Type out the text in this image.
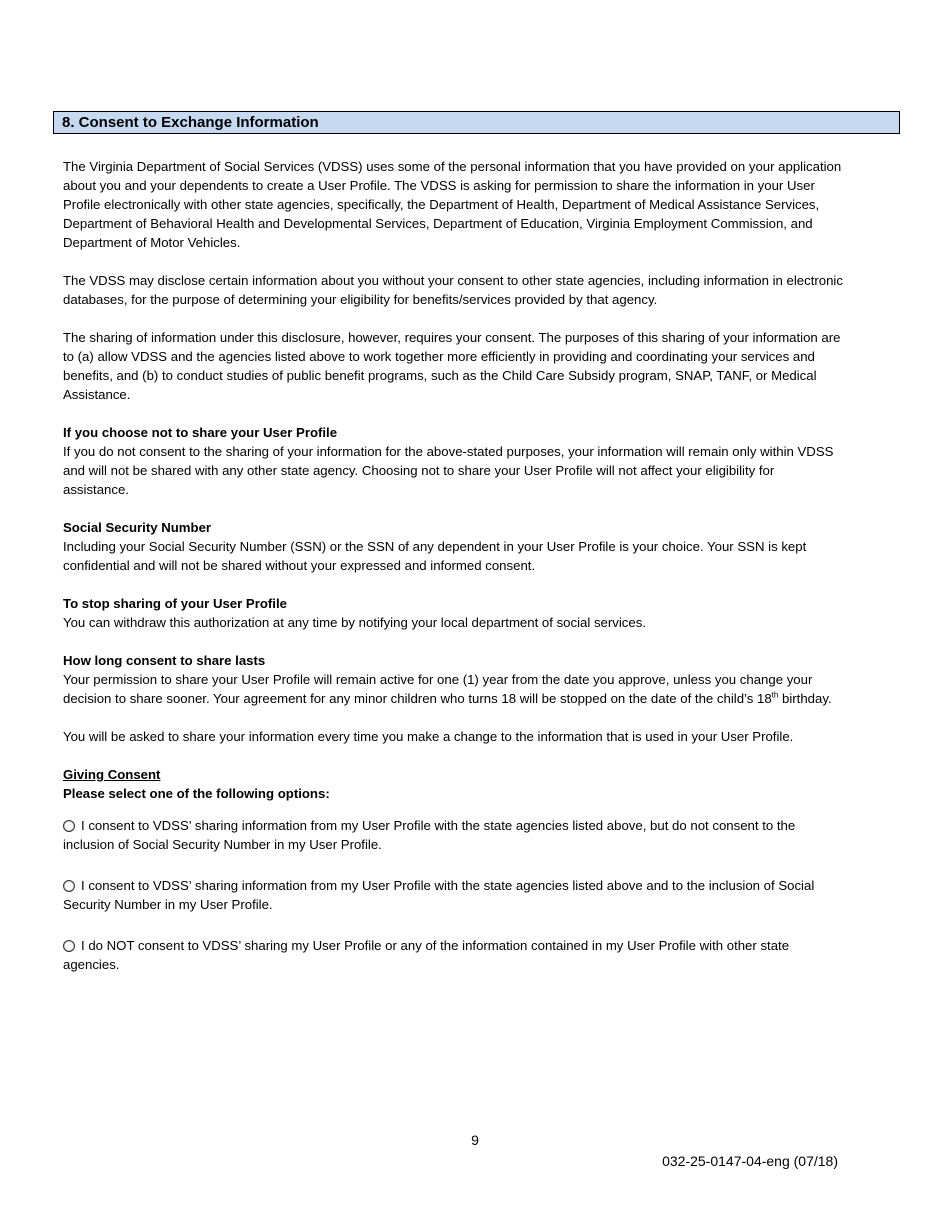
8. Consent to Exchange Information

The Virginia Department of Social Services (VDSS) uses some of the personal information that you have provided on your application about you and your dependents to create a User Profile. The VDSS is asking for permission to share the information in your User Profile electronically with other state agencies, specifically, the Department of Health, Department of Medical Assistance Services, Department of Behavioral Health and Developmental Services, Department of Education, Virginia Employment Commission, and Department of Motor Vehicles.

The VDSS may disclose certain information about you without your consent to other state agencies, including information in electronic databases, for the purpose of determining your eligibility for benefits/services provided by that agency.

The sharing of information under this disclosure, however, requires your consent. The purposes of this sharing of your information are to (a) allow VDSS and the agencies listed above to work together more efficiently in providing and coordinating your services and benefits, and (b) to conduct studies of public benefit programs, such as the Child Care Subsidy program, SNAP, TANF, or Medical Assistance.

If you choose not to share your User Profile

If you do not consent to the sharing of your information for the above-stated purposes, your information will remain only within VDSS and will not be shared with any other state agency. Choosing not to share your User Profile will not affect your eligibility for assistance.

Social Security Number

Including your Social Security Number (SSN) or the SSN of any dependent in your User Profile is your choice. Your SSN is kept confidential and will not be shared without your expressed and informed consent.

To stop sharing of your User Profile

You can withdraw this authorization at any time by notifying your local department of social services.

How long consent to share lasts

Your permission to share your User Profile will remain active for one (1) year from the date you approve, unless you change your decision to share sooner. Your agreement for any minor children who turns 18 will be stopped on the date of the child’s 18th birthday.

You will be asked to share your information every time you make a change to the information that is used in your User Profile.

Giving Consent

Please select one of the following options:

I consent to VDSS’ sharing information from my User Profile with the state agencies listed above, but do not consent to the inclusion of Social Security Number in my User Profile.

I consent to VDSS’ sharing information from my User Profile with the state agencies listed above and to the inclusion of Social Security Number in my User Profile.

I do NOT consent to VDSS’ sharing my User Profile or any of the information contained in my User Profile with other state agencies.

9
032-25-0147-04-eng (07/18)
